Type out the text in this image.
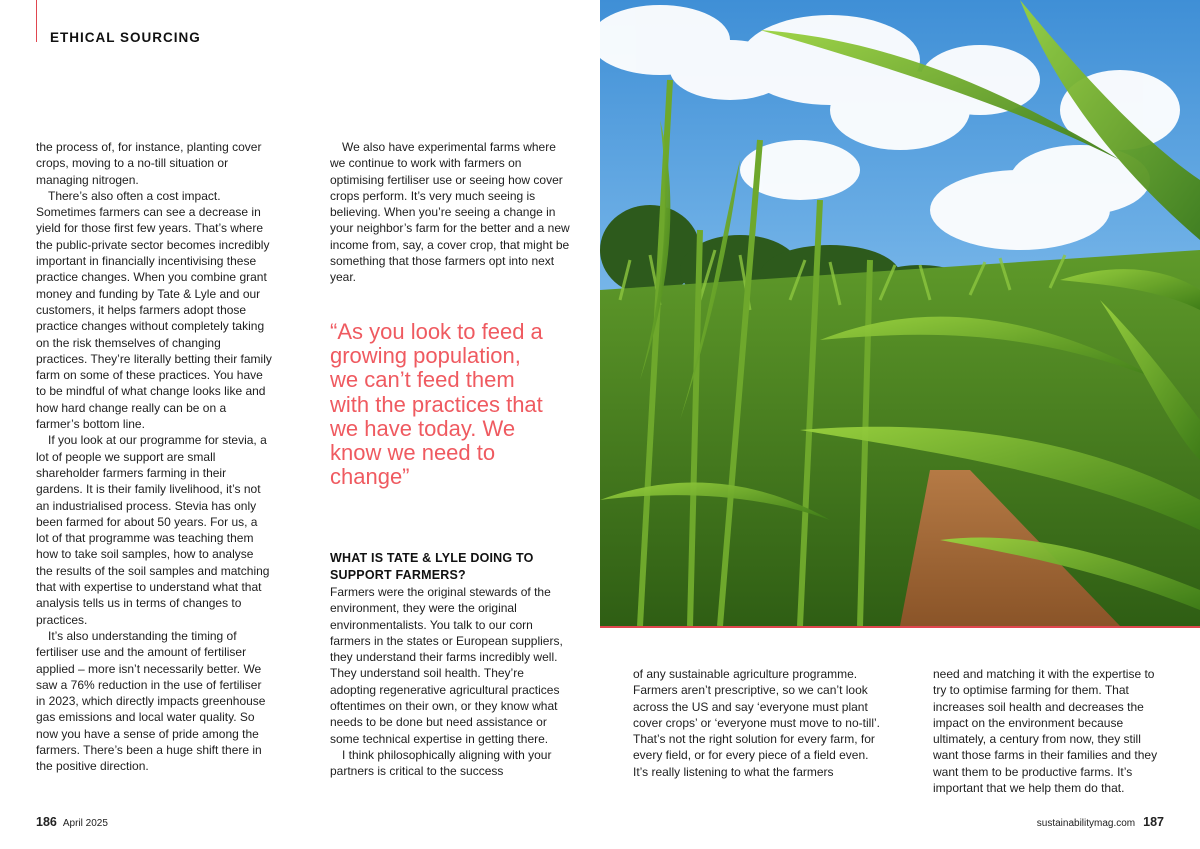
ETHICAL SOURCING

the process of, for instance, planting cover crops, moving to a no-till situation or managing nitrogen.

There’s also often a cost impact. Sometimes farmers can see a decrease in yield for those first few years. That’s where the public-private sector becomes incredibly important in financially incentivising these practice changes. When you combine grant money and funding by Tate & Lyle and our customers, it helps farmers adopt those practice changes without completely taking on the risk themselves of changing practices. They’re literally betting their family farm on some of these practices. You have to be mindful of what change looks like and how hard change really can be on a farmer’s bottom line.

If you look at our programme for stevia, a lot of people we support are small shareholder farmers farming in their gardens. It is their family livelihood, it’s not an industrialised process. Stevia has only been farmed for about 50 years. For us, a lot of that programme was teaching them how to take soil samples, how to analyse the results of the soil samples and matching that with expertise to understand what that analysis tells us in terms of changes to practices.

It’s also understanding the timing of fertiliser use and the amount of fertiliser applied – more isn’t necessarily better. We saw a 76% reduction in the use of fertiliser in 2023, which directly impacts greenhouse gas emissions and local water quality. So now you have a sense of pride among the farmers. There’s been a huge shift there in the positive direction.

We also have experimental farms where we continue to work with farmers on optimising fertiliser use or seeing how cover crops perform. It’s very much seeing is believing. When you’re seeing a change in your neighbor’s farm for the better and a new income from, say, a cover crop, that might be something that those farmers opt into next year.

“As you look to feed a growing population, we can’t feed them with the practices that we have today. We know we need to change”
WHAT IS TATE & LYLE DOING TO SUPPORT FARMERS?

Farmers were the original stewards of the environment, they were the original environmentalists. You talk to our corn farmers in the states or European suppliers, they understand their farms incredibly well. They understand soil health. They’re adopting regenerative agricultural practices oftentimes on their own, or they know what needs to be done but need assistance or some technical expertise in getting there.

I think philosophically aligning with your partners is critical to the success

of any sustainable agriculture programme. Farmers aren’t prescriptive, so we can’t look across the US and say ‘everyone must plant cover crops’ or ‘everyone must move to no-till’. That’s not the right solution for every farm, for every field, or for every piece of a field even. It’s really listening to what the farmers

need and matching it with the expertise to try to optimise farming for them. That increases soil health and decreases the impact on the environment because ultimately, a century from now, they still want those farms in their families and they want them to be productive farms. It’s important that we help them do that.

186 April 2025	sustainabilitymag.com 187
